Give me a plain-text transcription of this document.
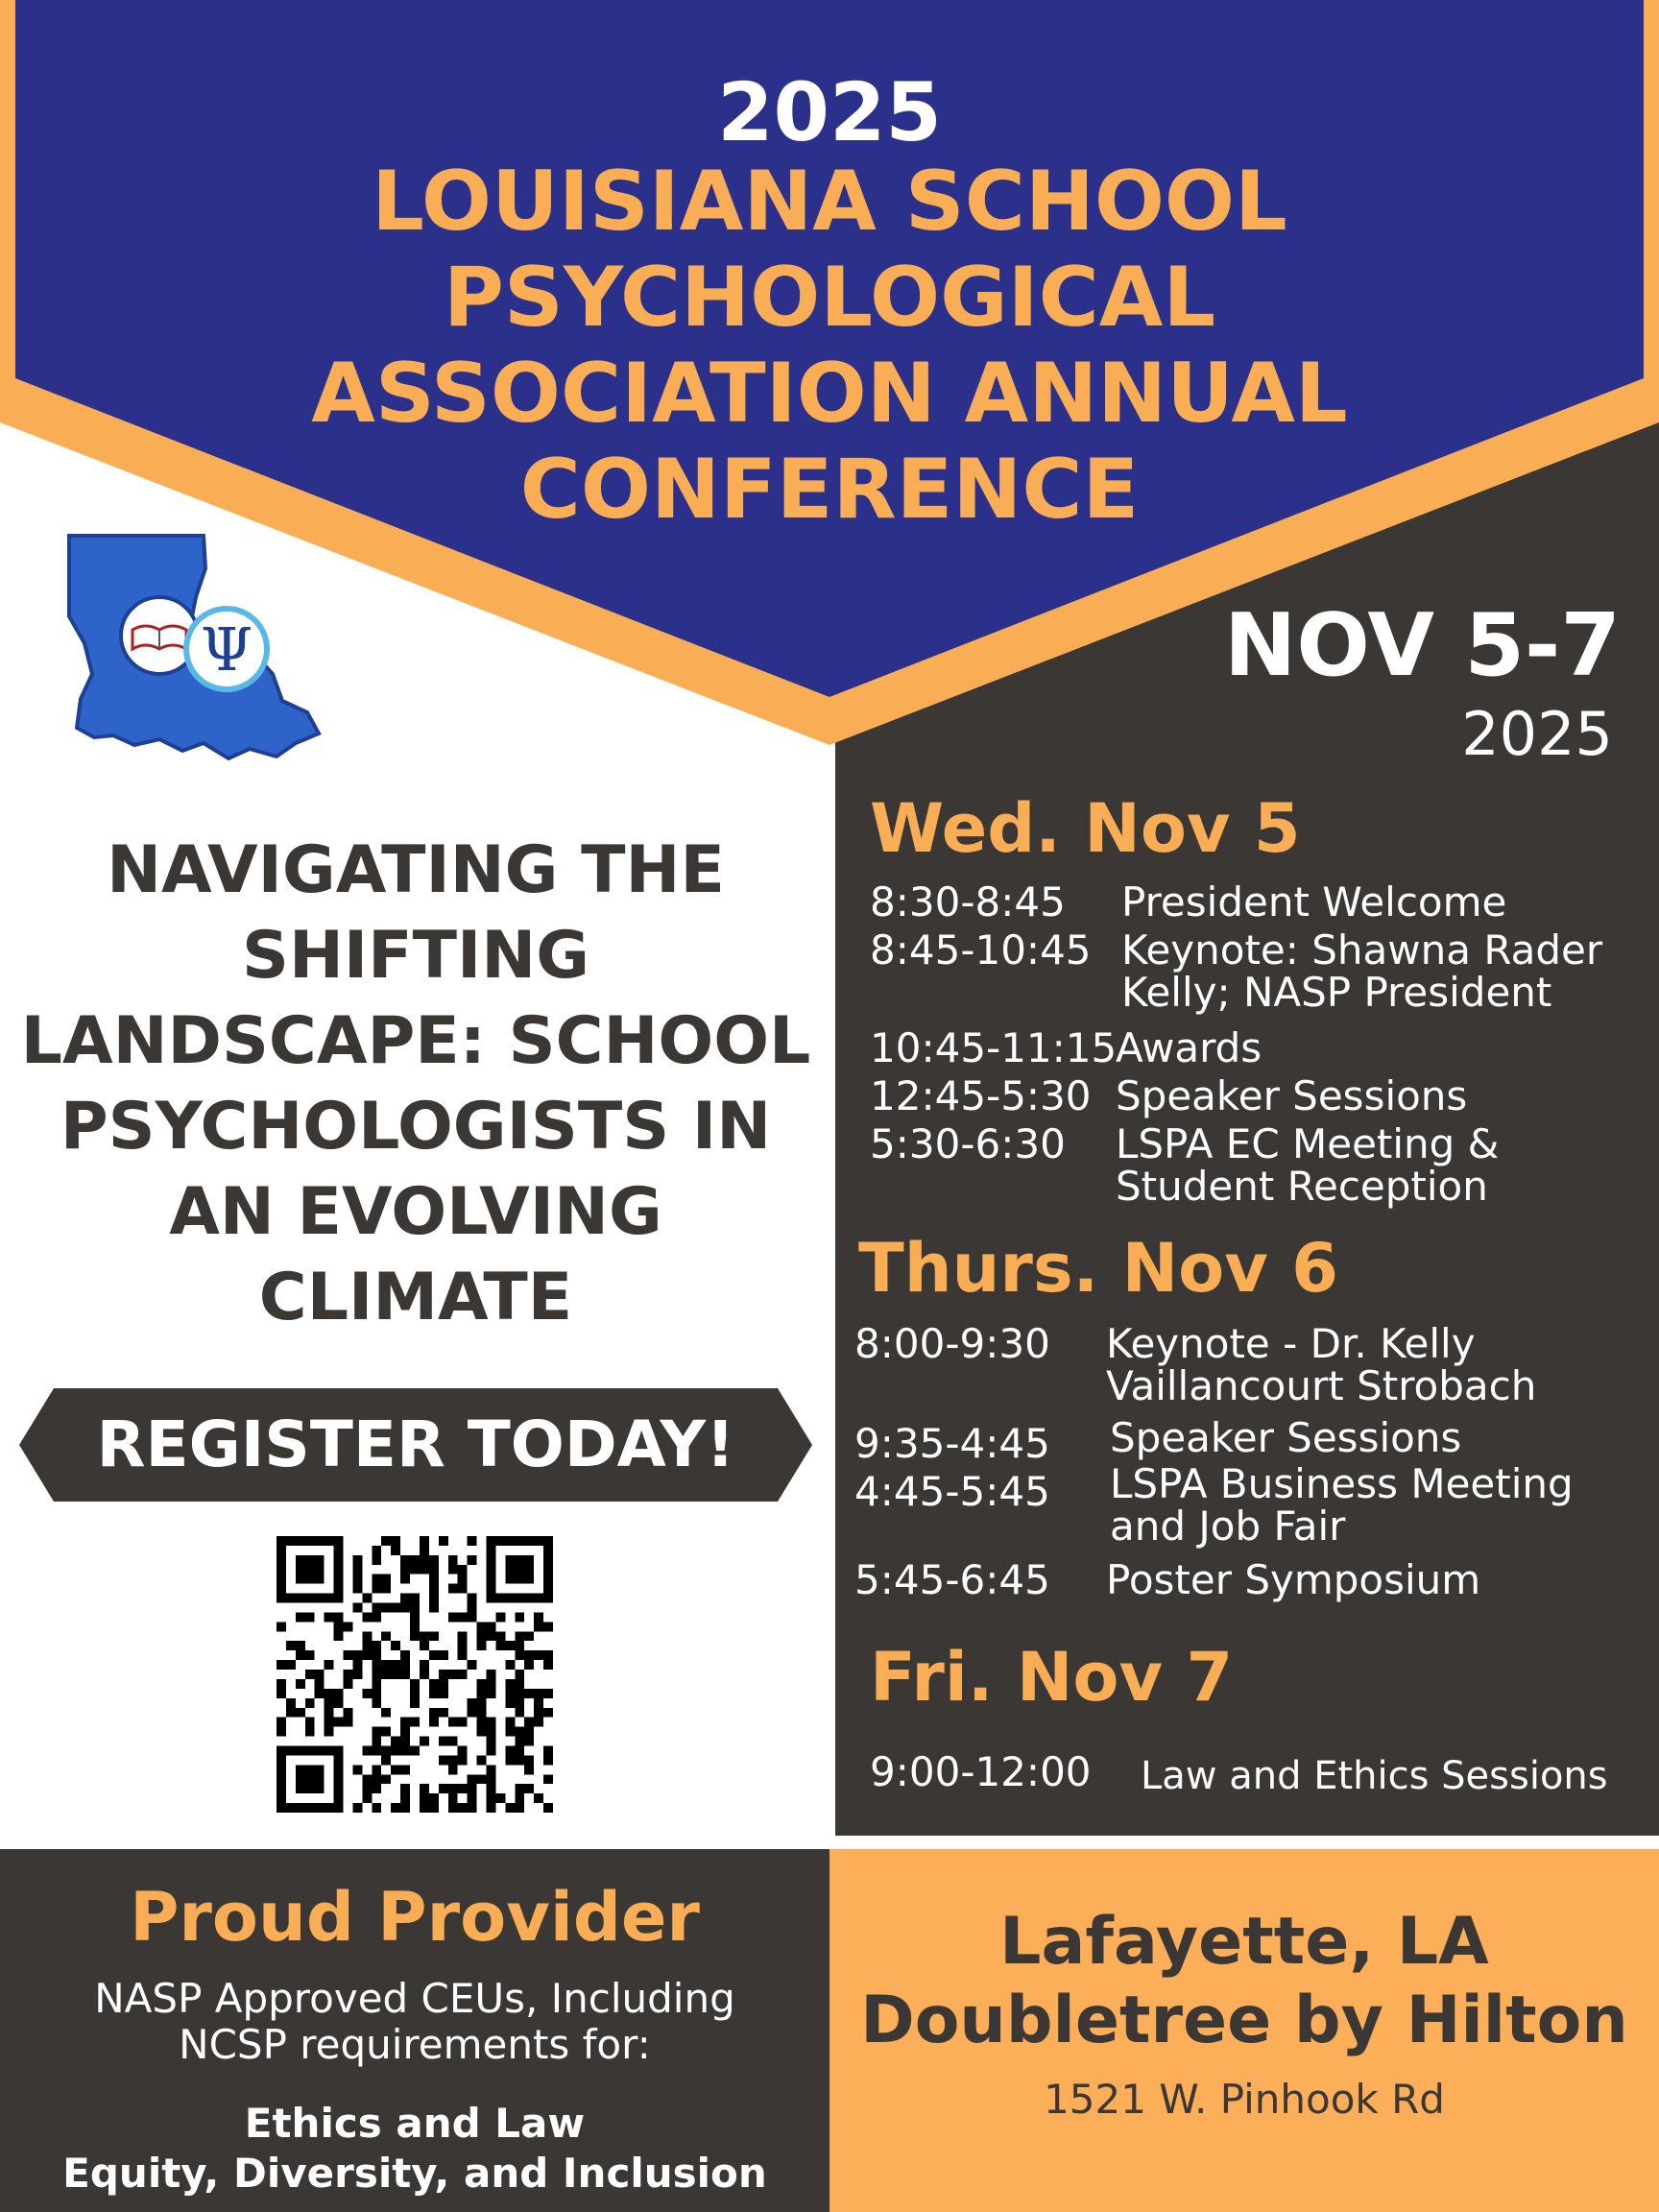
2025
LOUISIANA SCHOOL
PSYCHOLOGICAL
ASSOCIATION ANNUAL
CONFERENCE
Ψ	NOV 5-7
2025
Wed. Nov 5
8:30-8:45 President Welcome
8:45-10:45 Keynote: Shawna Rader
Kelly; NASP President
10:45-11:15
Awards
12:45-5:30 Speaker Sessions
5:30-6:30 LSPA EC Meeting &
Student Reception
Thurs. Nov 6
8:00-9:30 Keynote - Dr. Kelly
Vaillancourt Strobach
9:35-4:45 Speaker Sessions
4:45-5:45 LSPA Business Meeting
and Job Fair
5:45-6:45 Poster Symposium
Fri. Nov 7
9:00-12:00 Law and Ethics Sessions
NAVIGATING THE
SHIFTING
LANDSCAPE: SCHOOL
PSYCHOLOGISTS IN
AN EVOLVING
CLIMATE
REGISTER TODAY!
Proud Provider
NASP Approved CEUs, Including
NCSP requirements for:
Ethics and Law
Equity, Diversity, and Inclusion
Lafayette, LA
Doubletree by Hilton
1521 W. Pinhook Rd
